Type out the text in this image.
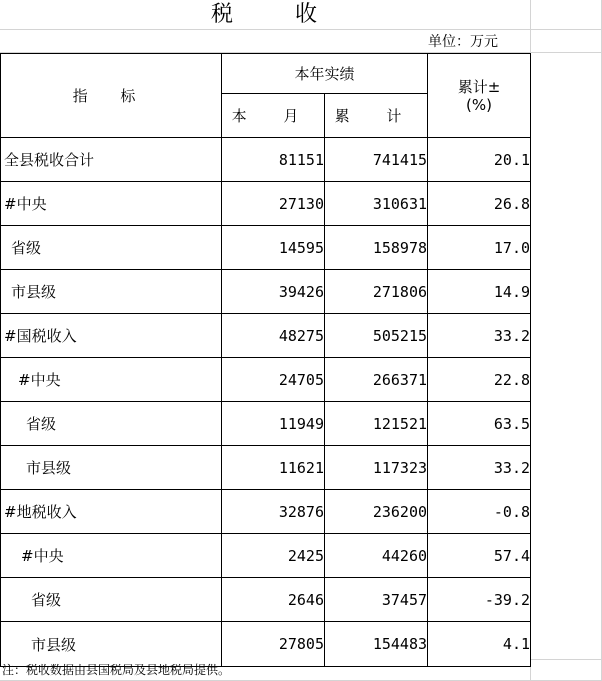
税	收
单位：万元
指 标	本年实绩		累计±
(%)

	本 月	累 计	
全县税收合计	81151	741415	20.1
#中央	27130	310631	26.8
省级	14595	158978	17.0
市县级	39426	271806	14.9
#国税收入	48275	505215	33.2
#中央	24705	266371	22.8
省级	11949	121521	63.5
市县级	11621	117323	33.2
#地税收入	32876	236200	-0.8
#中央	2425	44260	57.4
省级	2646	37457	-39.2
市县级	27805	154483	4.1
注：税收数据由县国税局及县地税局提供。
